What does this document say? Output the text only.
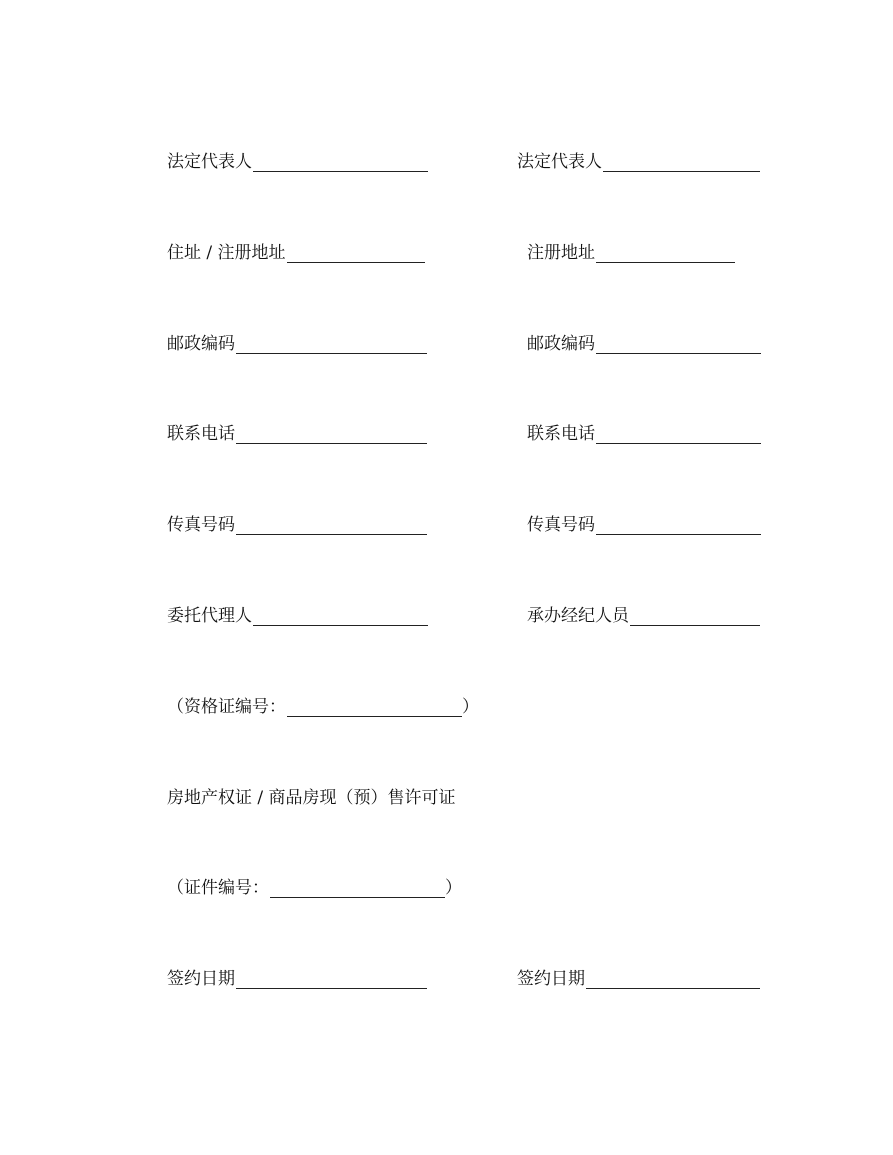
法定代表人	法定代表人
住址 / 注册地址	注册地址
邮政编码	邮政编码
联系电话	联系电话
传真号码	传真号码
委托代理人	承办经纪人员
（资格证编号：	）
房地产权证 / 商品房现（预）售许可证
（证件编号：	）
签约日期	签约日期
